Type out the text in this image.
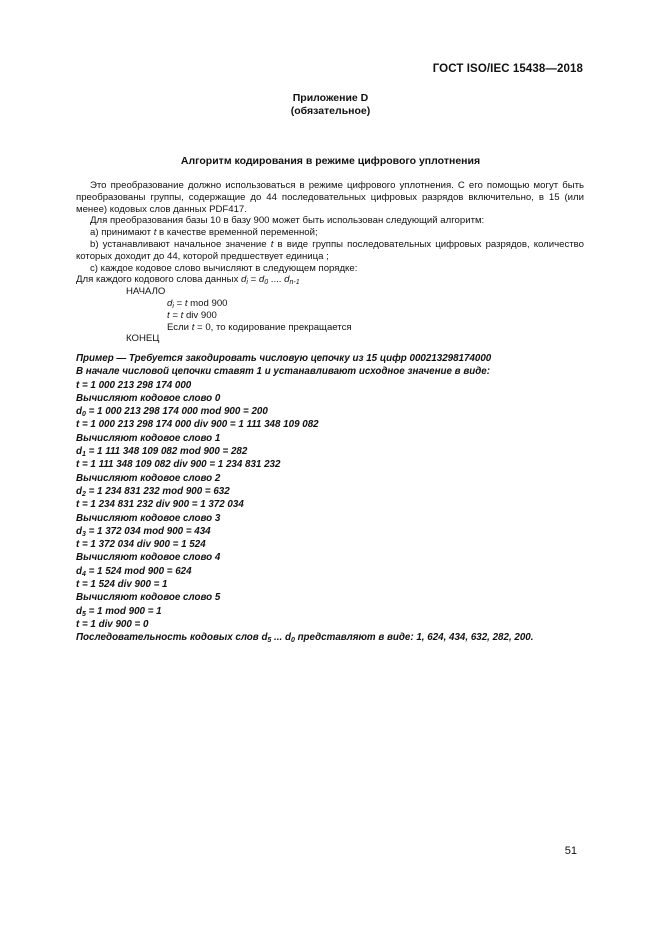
ГОСТ ISO/IEC 15438—2018
Приложение D
(обязательное)
Алгоритм кодирования в режиме цифрового уплотнения

Это преобразование должно использоваться в режиме цифрового уплотнения. С его помощью могут быть преобразованы группы, содержащие до 44 последовательных цифровых разрядов включительно, в 15 (или менее) кодовых слов данных PDF417.

Для преобразования базы 10 в базу 900 может быть использован следующий алгоритм:

а) принимают t в качестве временной переменной;

b) устанавливают начальное значение t в виде группы последовательных цифровых разрядов, количество которых доходит до 44, которой предшествует единица ;

с) каждое кодовое слово вычисляют в следующем порядке:

Для каждого кодового слова данных $d_i = d_0$ .... $d_{n-1}$

НАЧАЛО

$d_i = t$ mod 900

t = t div 900

Если t = 0, то кодирование прекращается

КОНЕЦ

Пример — Требуется закодировать числовую цепочку из 15 цифр 000213298174000

В начале числовой цепочки ставят 1 и устанавливают исходное значение в виде:

t = 1 000 213 298 174 000

Вычисляют кодовое слово 0

$d_0 = 1$ 000 213 298 174 000 mod 900 = 200

t = 1 000 213 298 174 000 div 900 = 1 111 348 109 082

Вычисляют кодовое слово 1

$d_1 = 1$ 111 348 109 082 mod 900 = 282

t = 1 111 348 109 082 div 900 = 1 234 831 232

Вычисляют кодовое слово 2

$d_2 = 1$ 234 831 232 mod 900 = 632

t = 1 234 831 232 div 900 = 1 372 034

Вычисляют кодовое слово 3

$d_3 = 1$ 372 034 mod 900 = 434

t = 1 372 034 div 900 = 1 524

Вычисляют кодовое слово 4

$d_4 = 1$ 524 mod 900 = 624

t = 1 524 div 900 = 1

Вычисляют кодовое слово 5

$d_5 = 1$ mod 900 = 1

t = 1 div 900 = 0

Последовательность кодовых слов $d_5$ ... $d_0$ представляют в виде: 1, 624, 434, 632, 282, 200.

51
